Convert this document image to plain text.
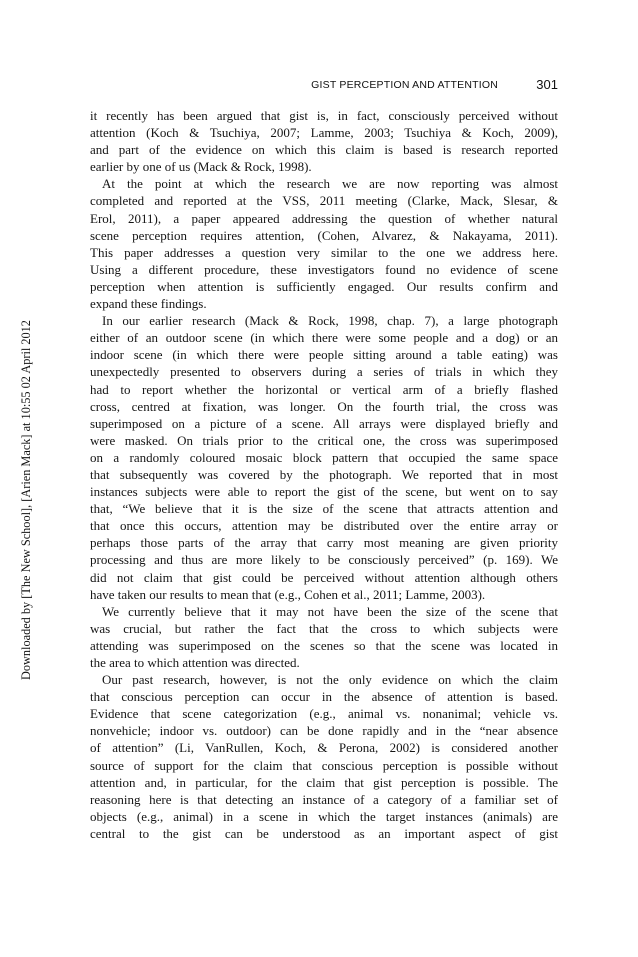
GIST PERCEPTION AND ATTENTION	301
Downloaded by [The New School], [Arien Mack] at 10:55 02 April 2012
it recently has been argued that gist is, in fact, consciously perceived without
attention (Koch & Tsuchiya, 2007; Lamme, 2003; Tsuchiya & Koch, 2009),
and part of the evidence on which this claim is based is research reported
earlier by one of us (Mack & Rock, 1998).
At the point at which the research we are now reporting was almost
completed and reported at the VSS, 2011 meeting (Clarke, Mack, Slesar, &
Erol, 2011), a paper appeared addressing the question of whether natural
scene perception requires attention, (Cohen, Alvarez, & Nakayama, 2011).
This paper addresses a question very similar to the one we address here.
Using a different procedure, these investigators found no evidence of scene
perception when attention is sufficiently engaged. Our results confirm and
expand these findings.
In our earlier research (Mack & Rock, 1998, chap. 7), a large photograph
either of an outdoor scene (in which there were some people and a dog) or an
indoor scene (in which there were people sitting around a table eating) was
unexpectedly presented to observers during a series of trials in which they
had to report whether the horizontal or vertical arm of a briefly flashed
cross, centred at fixation, was longer. On the fourth trial, the cross was
superimposed on a picture of a scene. All arrays were displayed briefly and
were masked. On trials prior to the critical one, the cross was superimposed
on a randomly coloured mosaic block pattern that occupied the same space
that subsequently was covered by the photograph. We reported that in most
instances subjects were able to report the gist of the scene, but went on to say
that, “We believe that it is the size of the scene that attracts attention and
that once this occurs, attention may be distributed over the entire array or
perhaps those parts of the array that carry most meaning are given priority
processing and thus are more likely to be consciously perceived” (p. 169). We
did not claim that gist could be perceived without attention although others
have taken our results to mean that (e.g., Cohen et al., 2011; Lamme, 2003).
We currently believe that it may not have been the size of the scene that
was crucial, but rather the fact that the cross to which subjects were
attending was superimposed on the scenes so that the scene was located in
the area to which attention was directed.
Our past research, however, is not the only evidence on which the claim
that conscious perception can occur in the absence of attention is based.
Evidence that scene categorization (e.g., animal vs. nonanimal; vehicle vs.
nonvehicle; indoor vs. outdoor) can be done rapidly and in the “near absence
of attention” (Li, VanRullen, Koch, & Perona, 2002) is considered another
source of support for the claim that conscious perception is possible without
attention and, in particular, for the claim that gist perception is possible. The
reasoning here is that detecting an instance of a category of a familiar set of
objects (e.g., animal) in a scene in which the target instances (animals) are
central to the gist can be understood as an important aspect of gist
